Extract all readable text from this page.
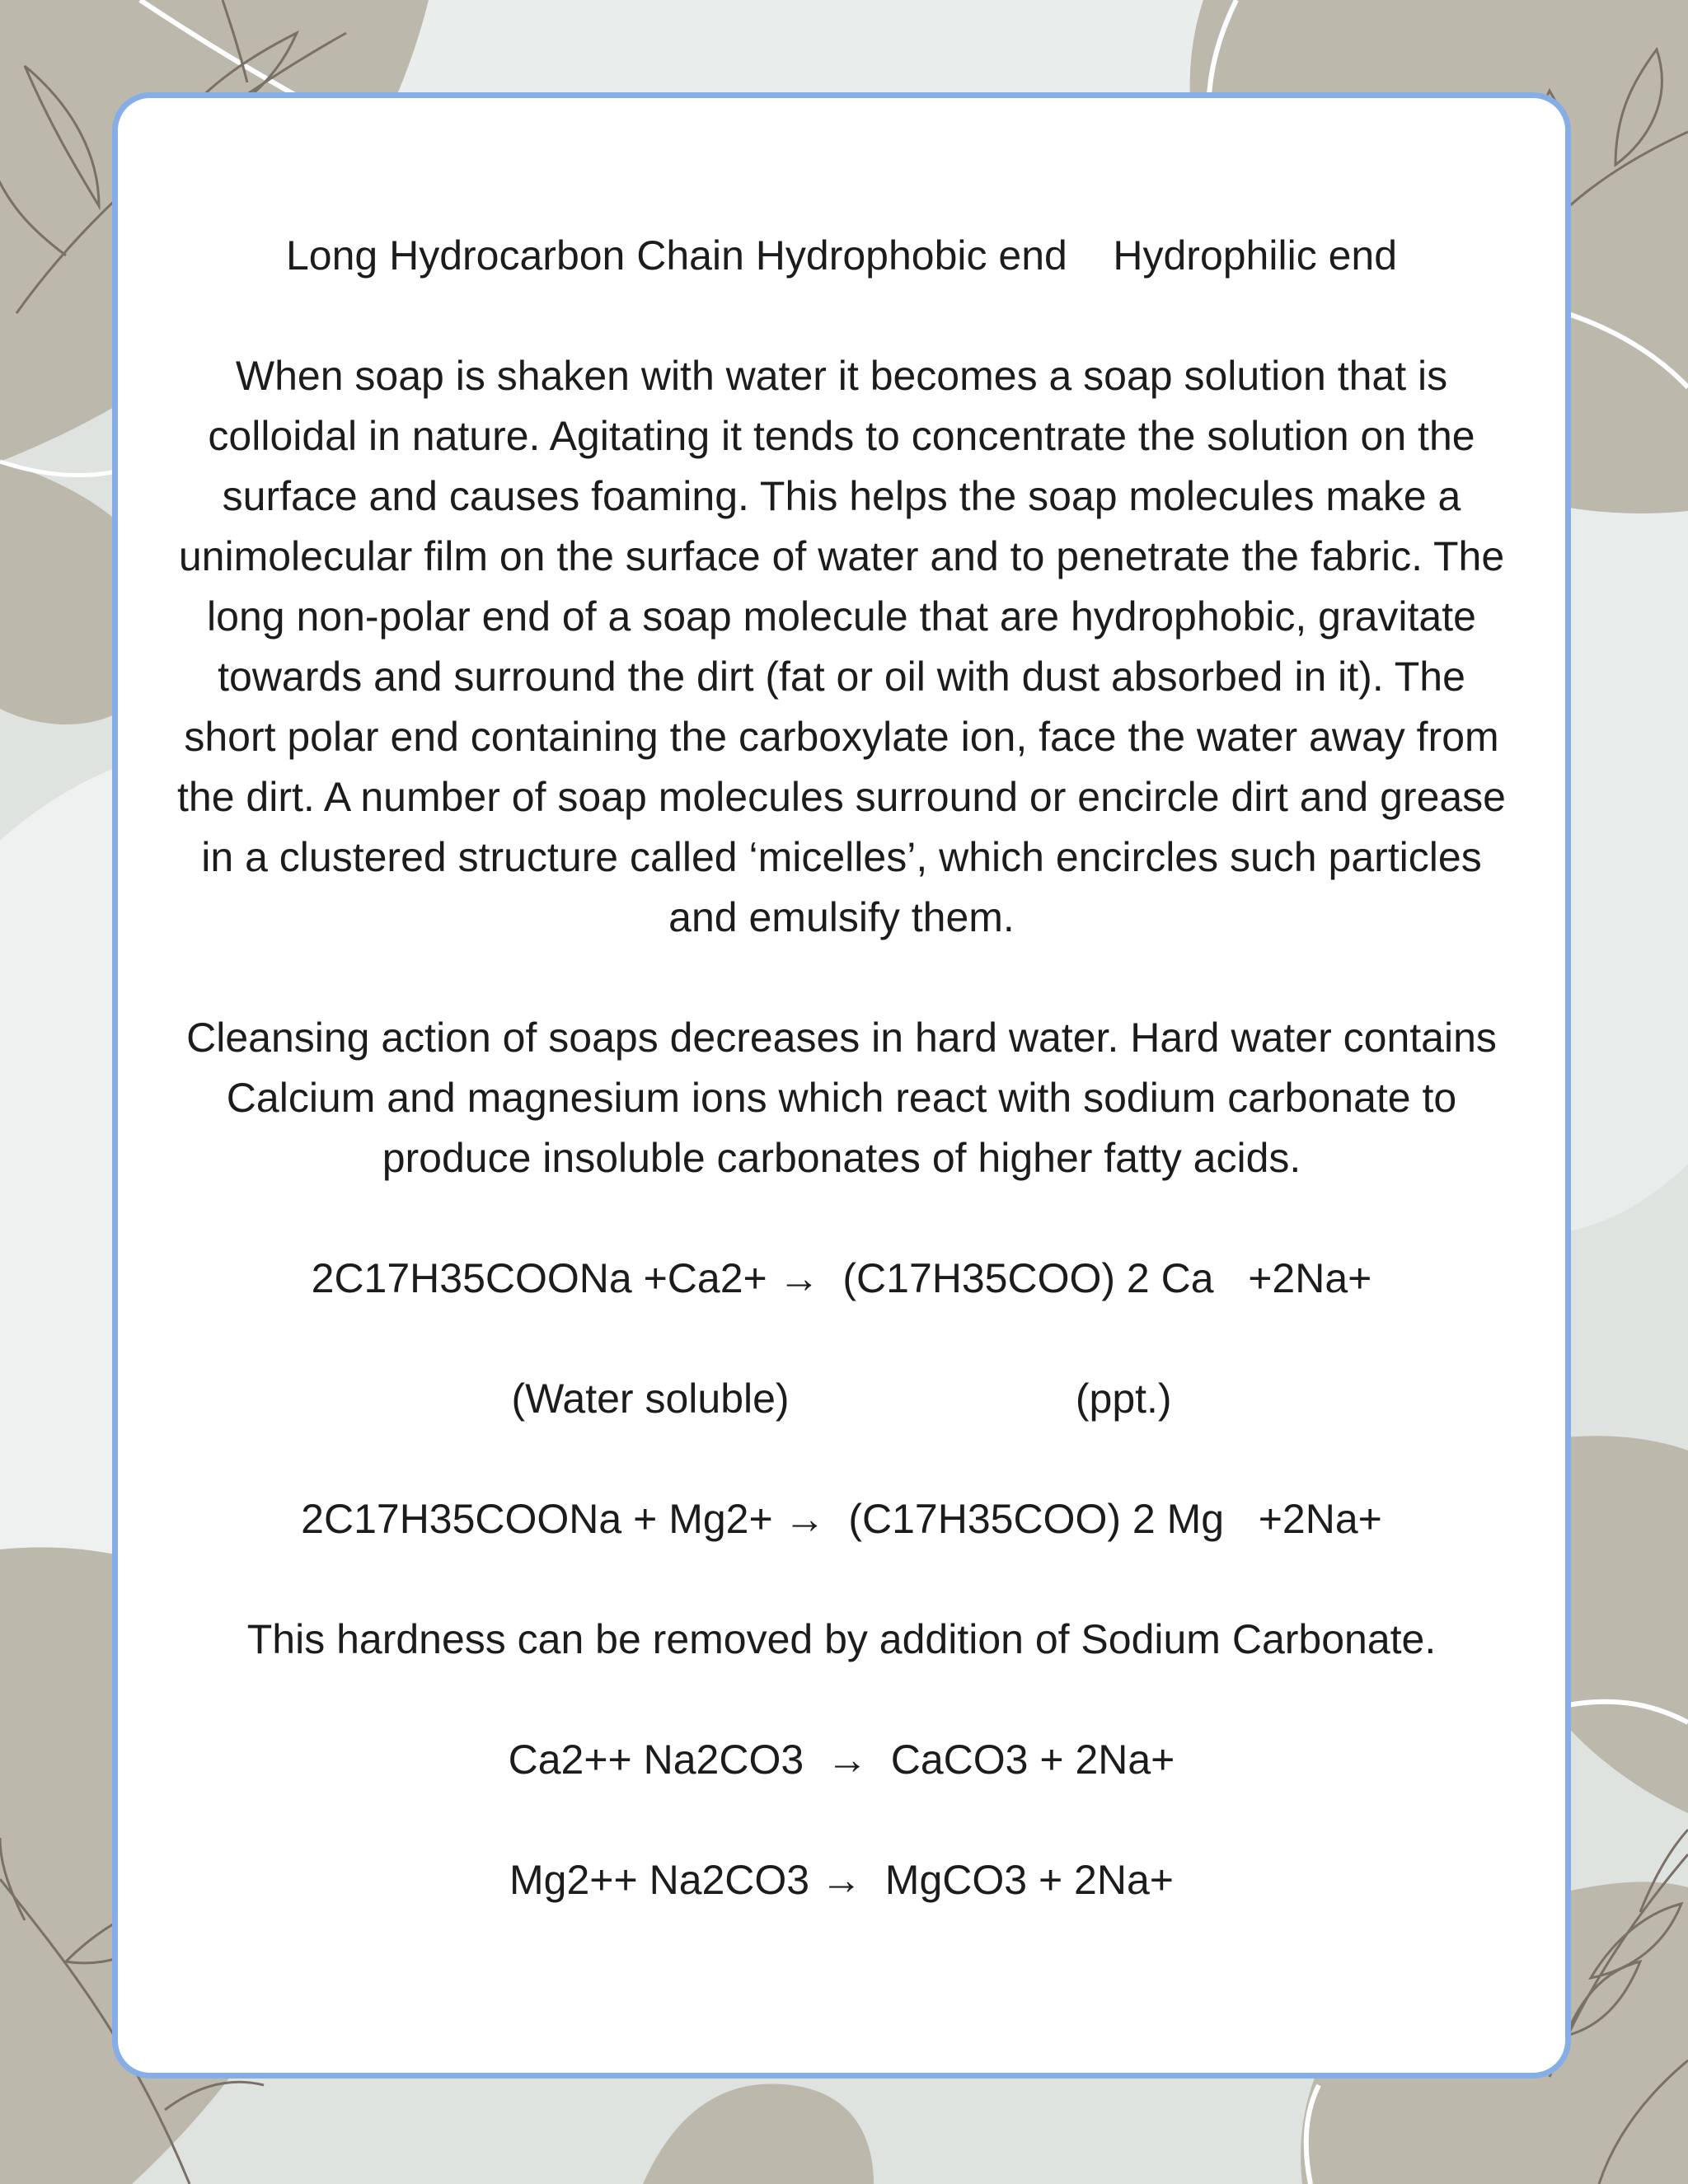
Long Hydrocarbon Chain Hydrophobic end    Hydrophilic end

When soap is shaken with water it becomes a soap solution that is colloidal in nature. Agitating it tends to concentrate the solution on the surface and causes foaming. This helps the soap molecules make a unimolecular film on the surface of water and to penetrate the fabric. The long non-polar end of a soap molecule that are hydrophobic, gravitate towards and surround the dirt (fat or oil with dust absorbed in it). The short polar end containing the carboxylate ion, face the water away from the dirt. A number of soap molecules surround or encircle dirt and grease in a clustered structure called ‘micelles’, which encircles such particles and emulsify them.

Cleansing action of soaps decreases in hard water. Hard water contains Calcium and magnesium ions which react with sodium carbonate to produce insoluble carbonates of higher fatty acids.

2C17H35COONa +Ca2+ →  (C17H35COO) 2 Ca   +2Na+

(Water soluble)                         (ppt.)

2C17H35COONa + Mg2+ →  (C17H35COO) 2 Mg   +2Na+

This hardness can be removed by addition of Sodium Carbonate.

Ca2++ Na2CO3  →  CaCO3 + 2Na+

Mg2++ Na2CO3 →  MgCO3 + 2Na+
